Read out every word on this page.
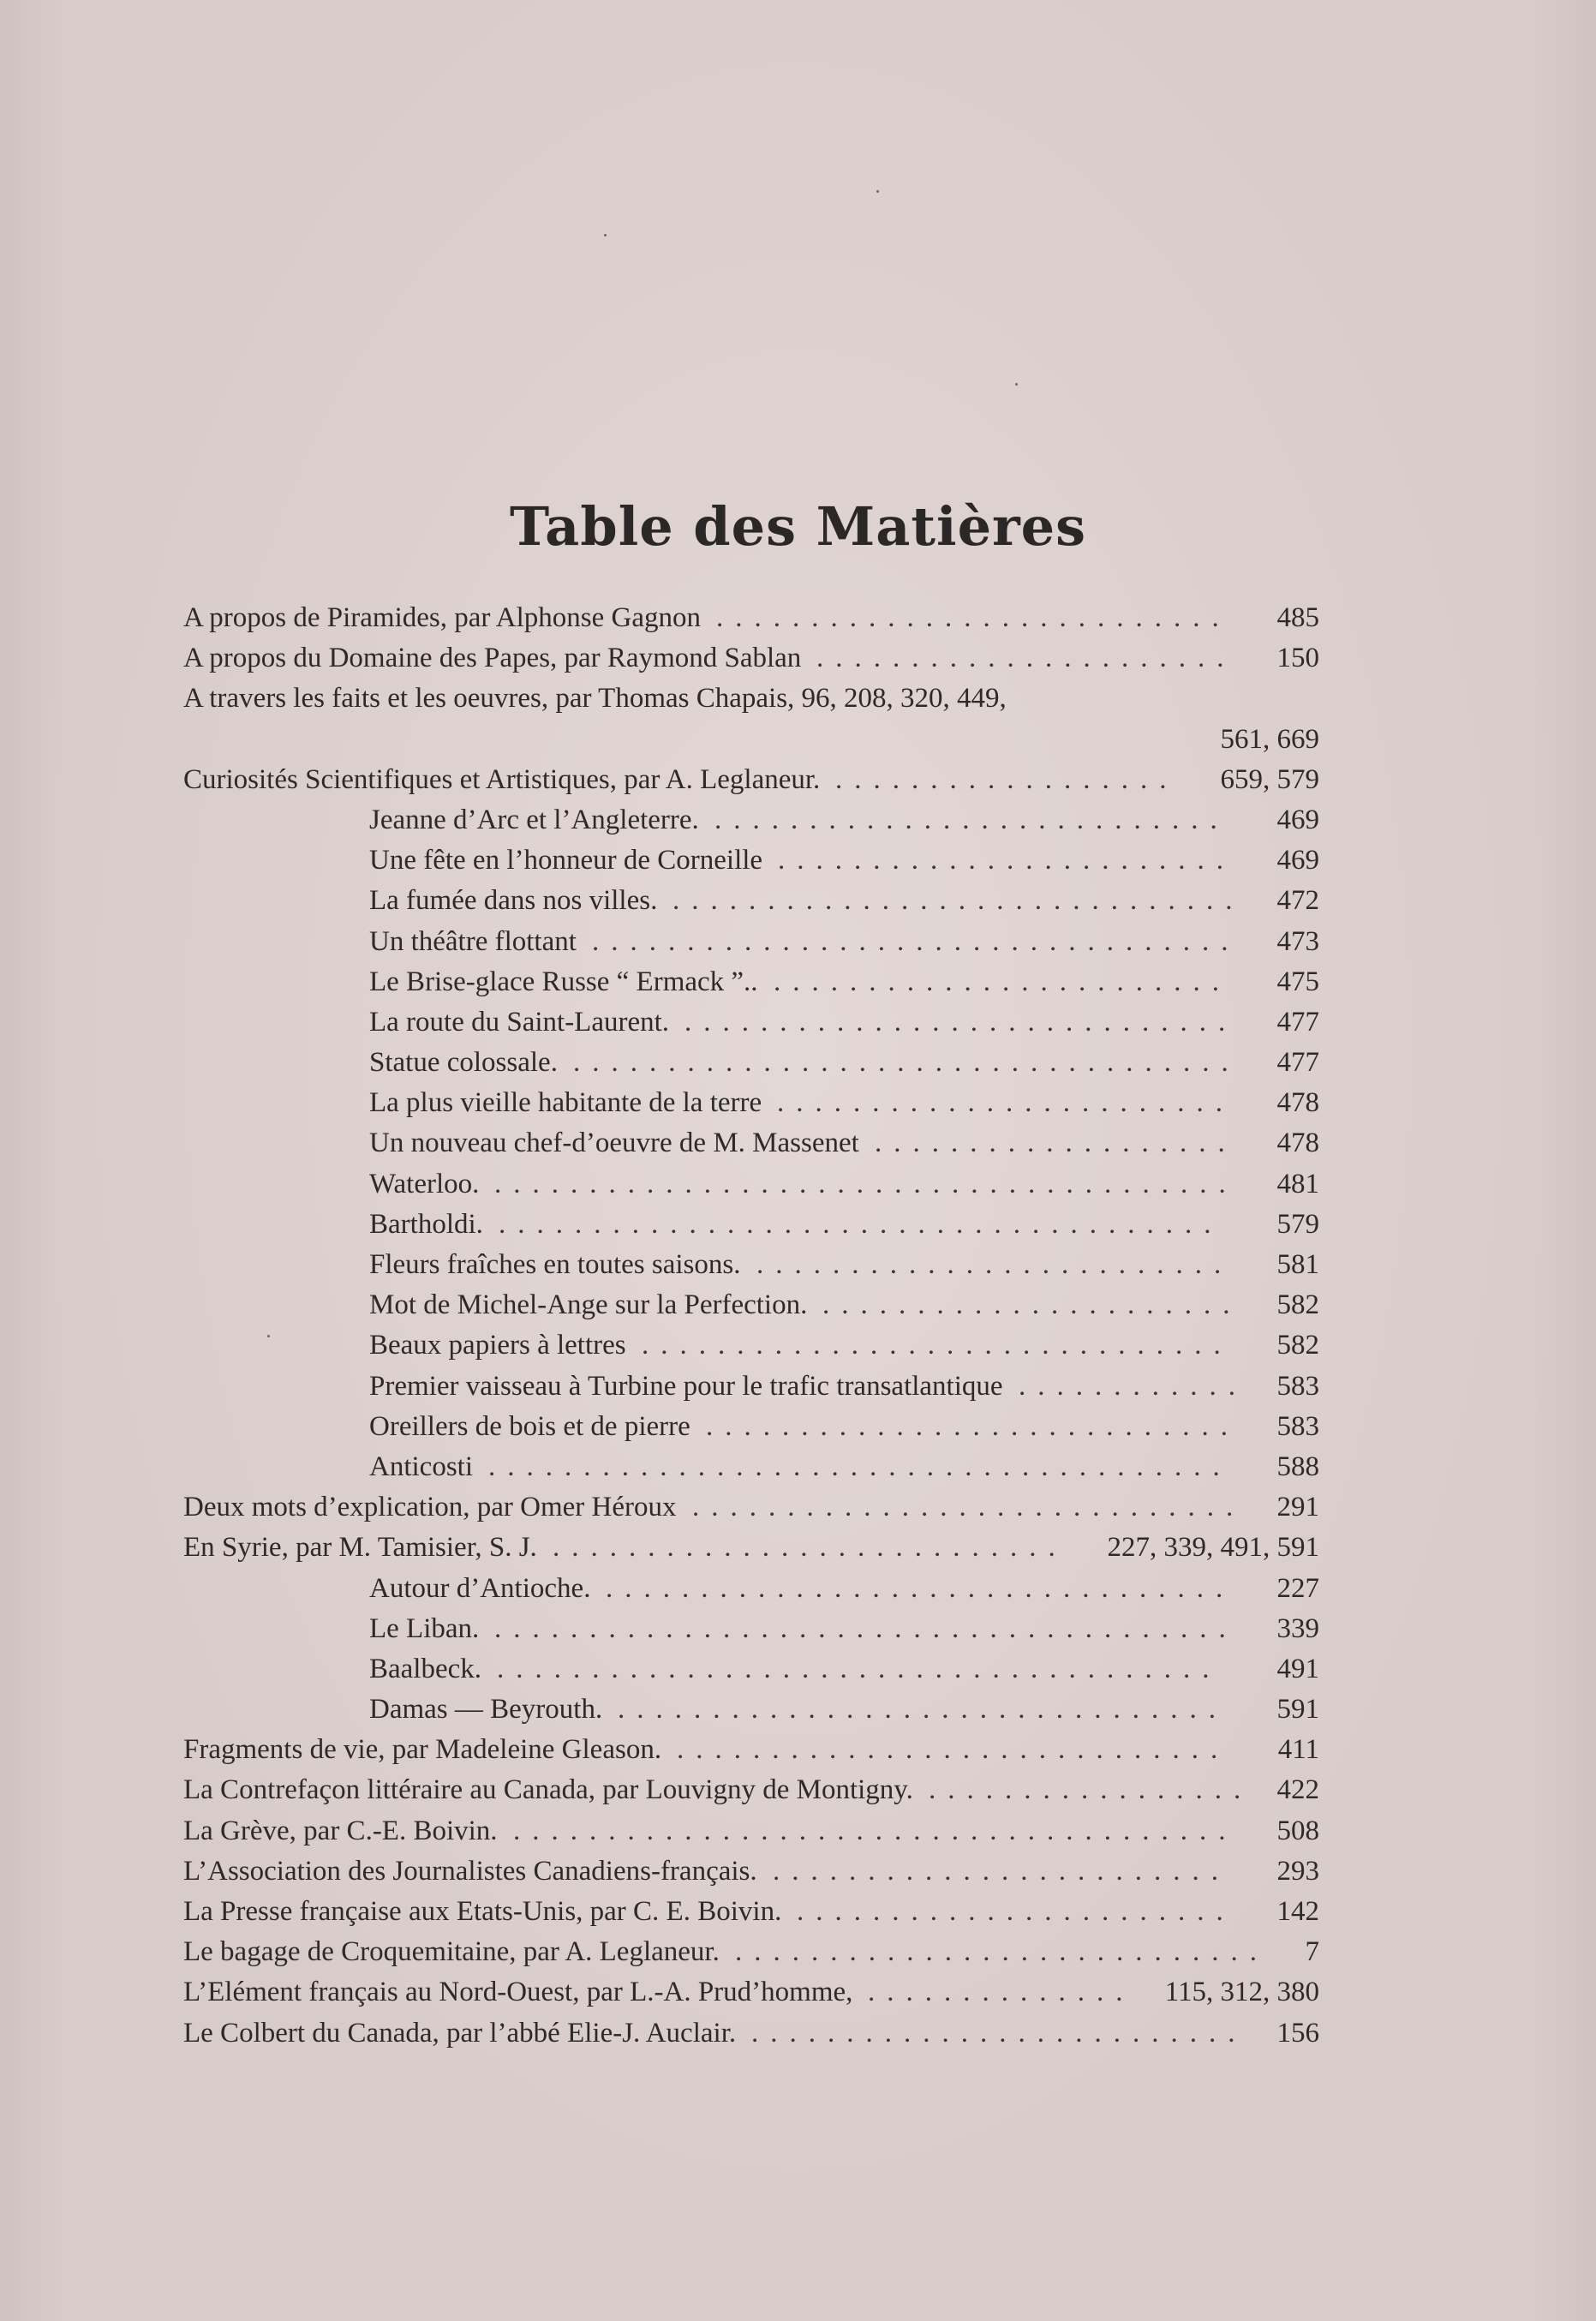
Table des Matières
A propos de Piramides, par Alphonse Gagnon ...........................	485
A propos du Domaine des Papes, par Raymond Sablan ......................	150
A travers les faits et les oeuvres, par Thomas Chapais, 96, 208, 320, 449,
561, 669
Curiosités Scientifiques et Artistiques, par A. Leglaneur. ..................	659, 579
Jeanne d’Arc et l’Angleterre. ...........................	469
Une fête en l’honneur de Corneille ........................	469
La fumée dans nos villes. ..............................	472
Un théâtre flottant ..................................	473
Le Brise-glace Russe “ Ermack ”.. ........................	475
La route du Saint-Laurent. .............................	477
Statue colossale. ...................................	477
La plus vieille habitante de la terre ........................	478
Un nouveau chef-d’oeuvre de M. Massenet ...................	478
Waterloo. .......................................	481
Bartholdi. ......................................	579
Fleurs fraîches en toutes saisons. .........................	581
Mot de Michel-Ange sur la Perfection. ......................	582
Beaux papiers à lettres ...............................	582
Premier vaisseau à Turbine pour le trafic transatlantique ............	583
Oreillers de bois et de pierre ............................	583
Anticosti .......................................	588
Deux mots d’explication, par Omer Héroux .............................	291
En Syrie, par M. Tamisier, S. J. ...........................	227, 339, 491, 591
Autour d’Antioche. .................................	227
Le Liban. .......................................	339
Baalbeck. ......................................	491
Damas — Beyrouth. ................................	591
Fragments de vie, par Madeleine Gleason. .............................	411
La Contrefaçon littéraire au Canada, par Louvigny de Montigny. ................. 422
La Grève, par C.-E. Boivin. ......................................	508
L’Association des Journalistes Canadiens-français. ........................	293
La Presse française aux Etats-Unis, par C. E. Boivin. .......................	142
Le bagage de Croquemitaine, par A. Leglaneur. ............................	7
L’Elément français au Nord-Ouest, par L.-A. Prud’homme, ..............	115, 312, 380
Le Colbert du Canada, par l’abbé Elie-J. Auclair. ..........................	156
